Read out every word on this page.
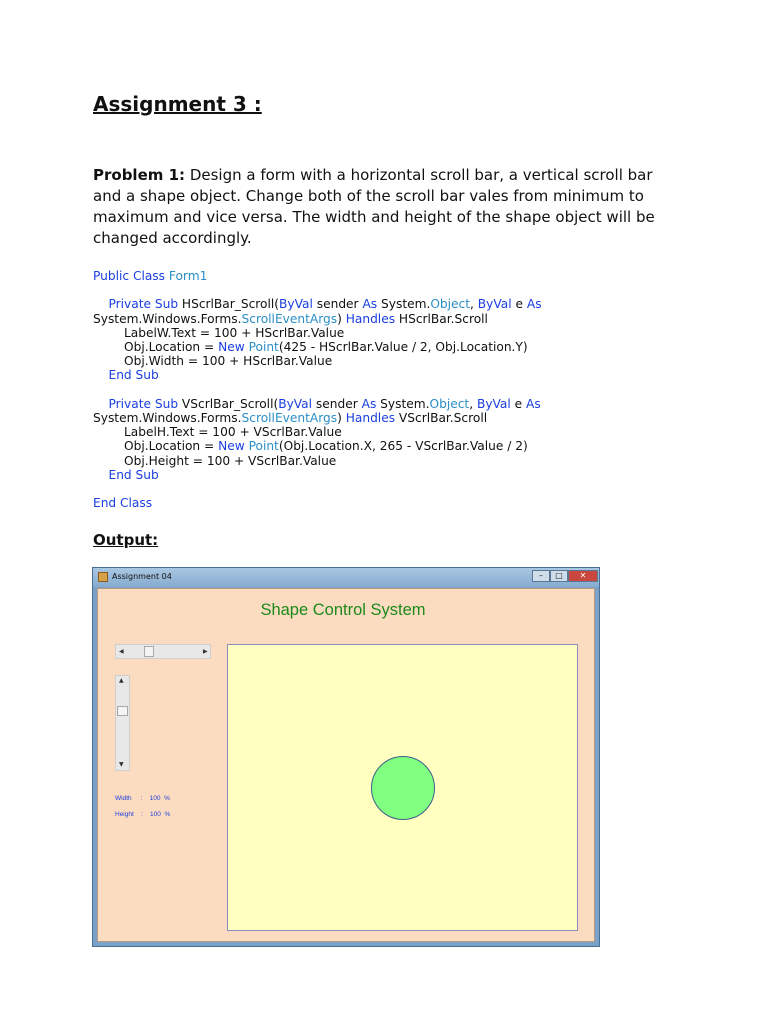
Assignment 3 :
Problem 1: Design a form with a horizontal scroll bar, a vertical scroll bar and a shape object. Change both of the scroll bar vales from minimum to maximum and vice versa. The width and height of the shape object will be changed accordingly.
Public Class Form1

Private Sub HScrlBar_Scroll(ByVal sender As System.Object, ByVal e As
System.Windows.Forms.ScrollEventArgs) Handles HScrlBar.Scroll
LabelW.Text = 100 + HScrlBar.Value
Obj.Location = New Point(425 - HScrlBar.Value / 2, Obj.Location.Y)
Obj.Width = 100 + HScrlBar.Value
End Sub

Private Sub VScrlBar_Scroll(ByVal sender As System.Object, ByVal e As
System.Windows.Forms.ScrollEventArgs) Handles VScrlBar.Scroll
LabelH.Text = 100 + VScrlBar.Value
Obj.Location = New Point(Obj.Location.X, 265 - VScrlBar.Value / 2)
Obj.Height = 100 + VScrlBar.Value
End Sub

End Class
Output:
Assignment 04	–	□	✕
Shape Control System
◀	▶
▲
▼
Width     :    100  %
Height    :    100  %
